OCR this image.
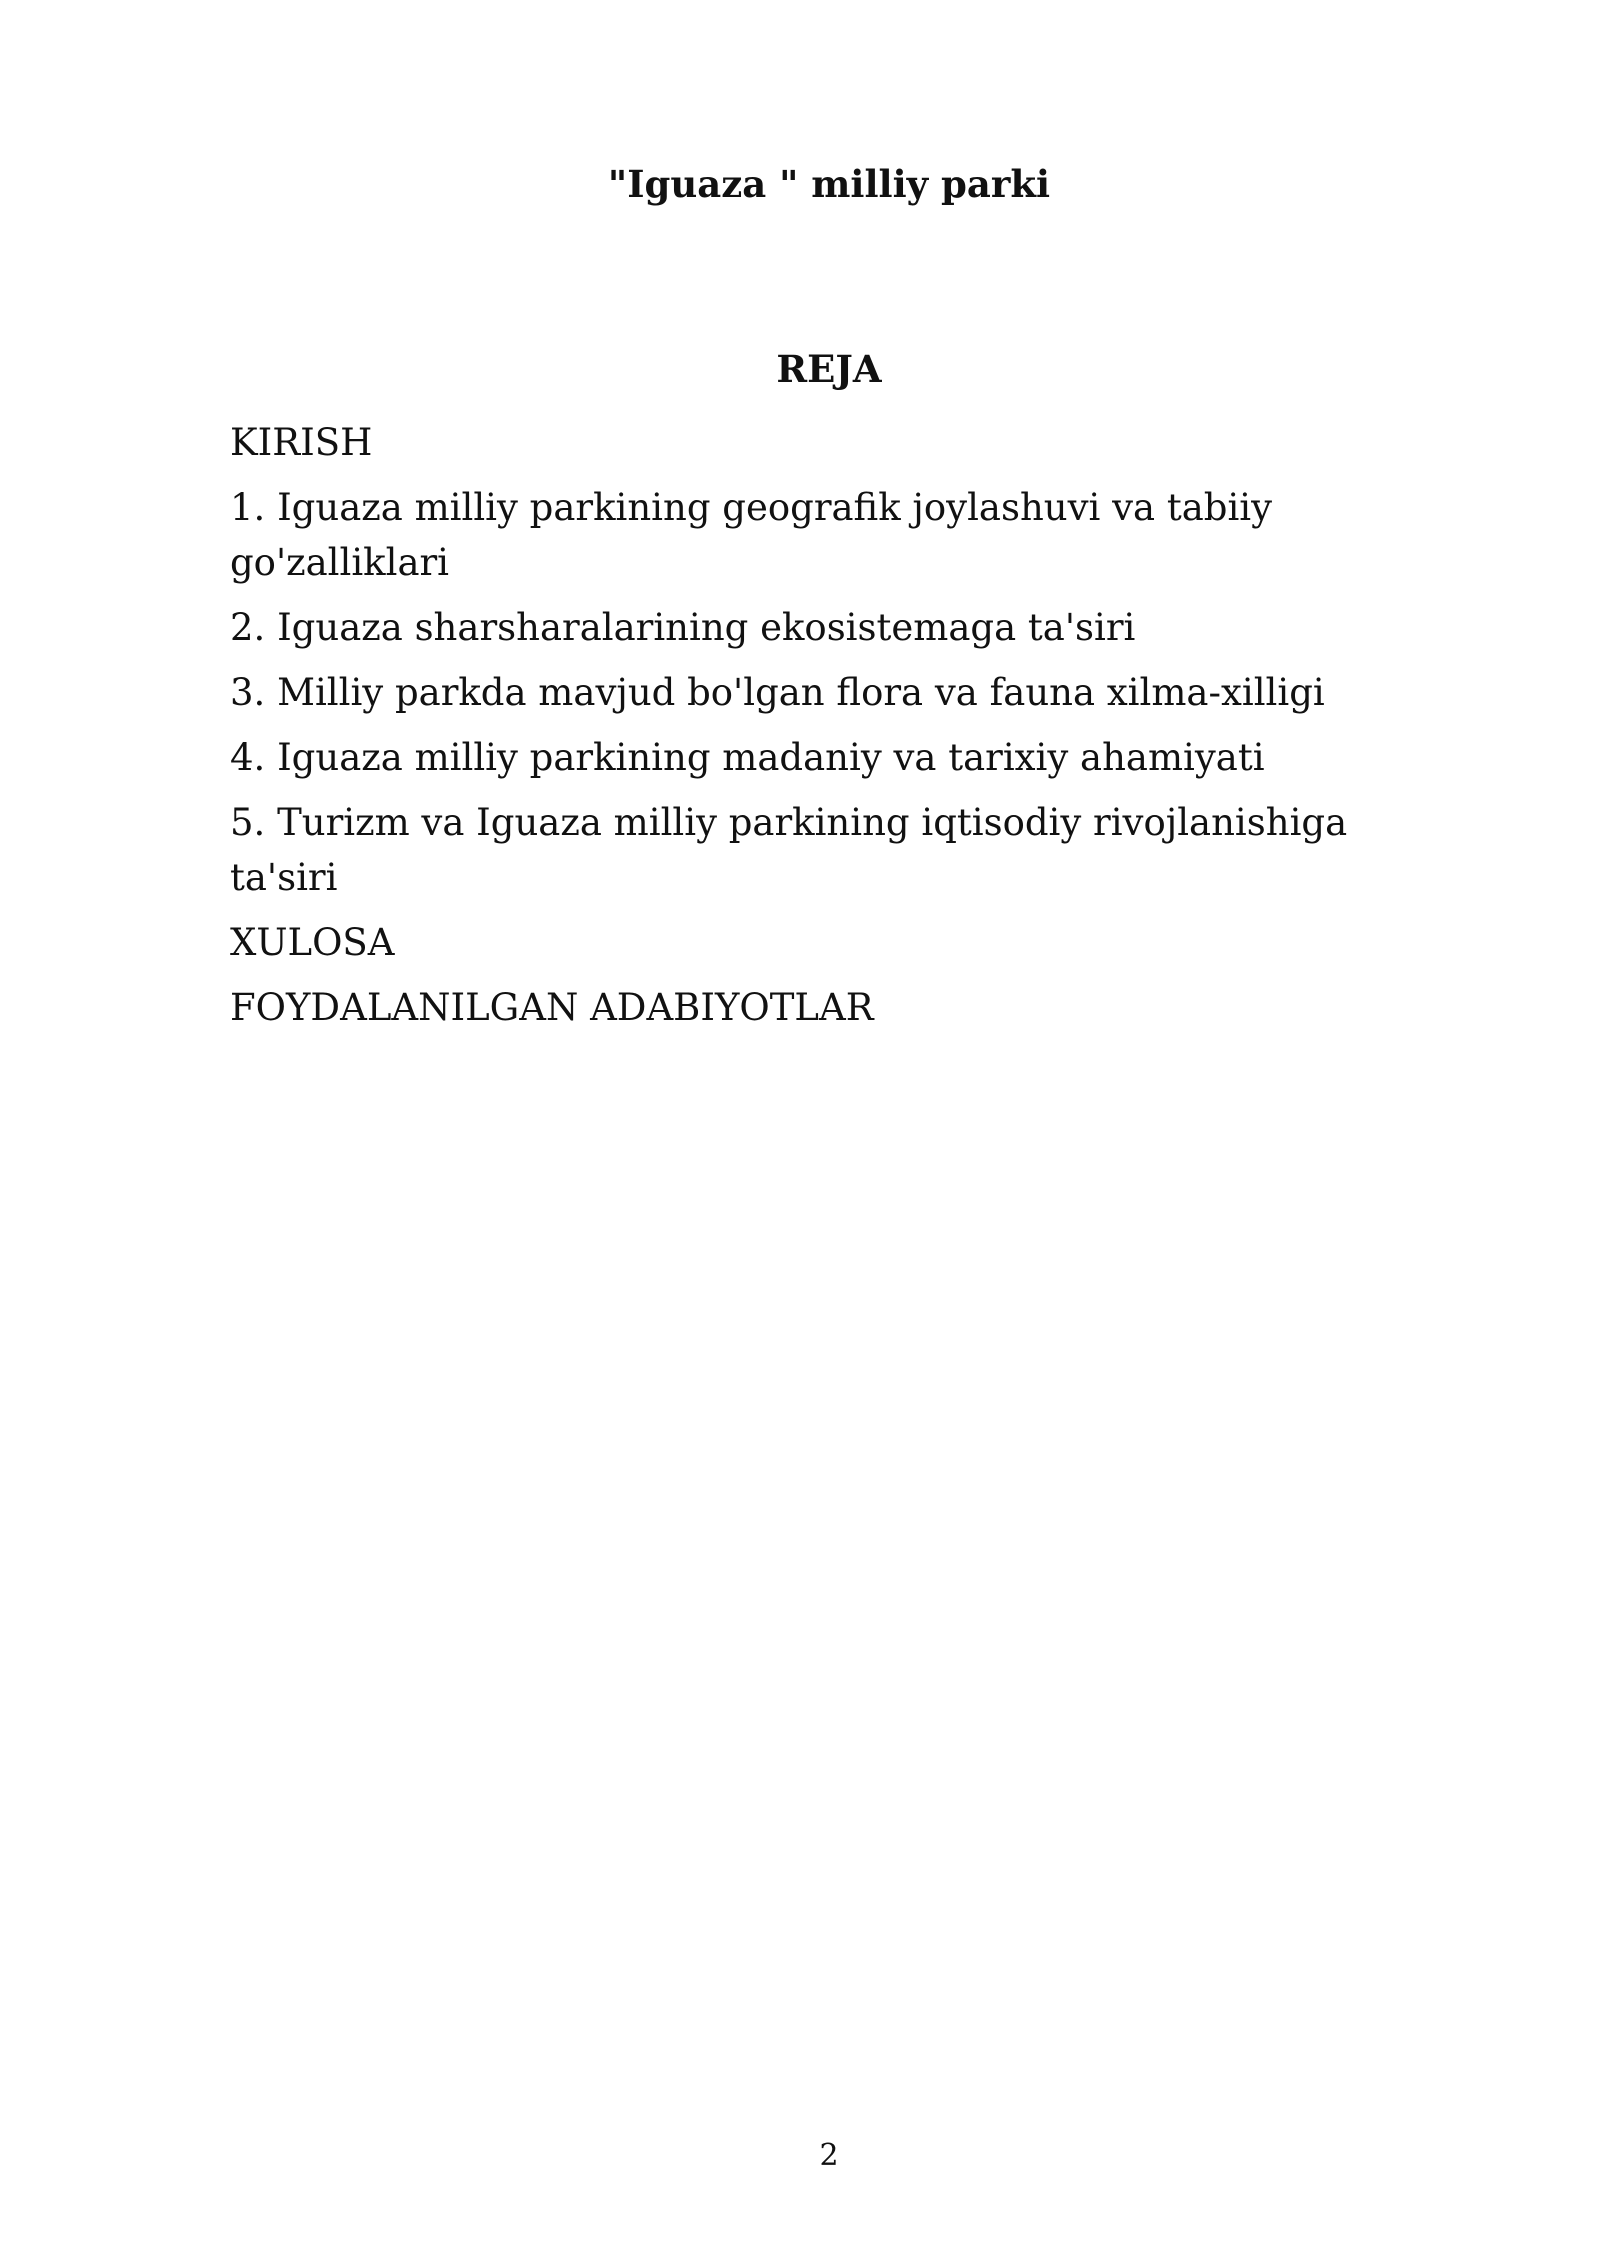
"Iguaza " milliy parki
REJA
KIRISH
1. Iguaza milliy parkining geografik joylashuvi va tabiiy go'zalliklari
2. Iguaza sharsharalarining ekosistemaga ta'siri
3. Milliy parkda mavjud bo'lgan flora va fauna xilma-xilligi
4. Iguaza milliy parkining madaniy va tarixiy ahamiyati
5. Turizm va Iguaza milliy parkining iqtisodiy rivojlanishiga ta'siri
XULOSA
FOYDALANILGAN ADABIYOTLAR
2
